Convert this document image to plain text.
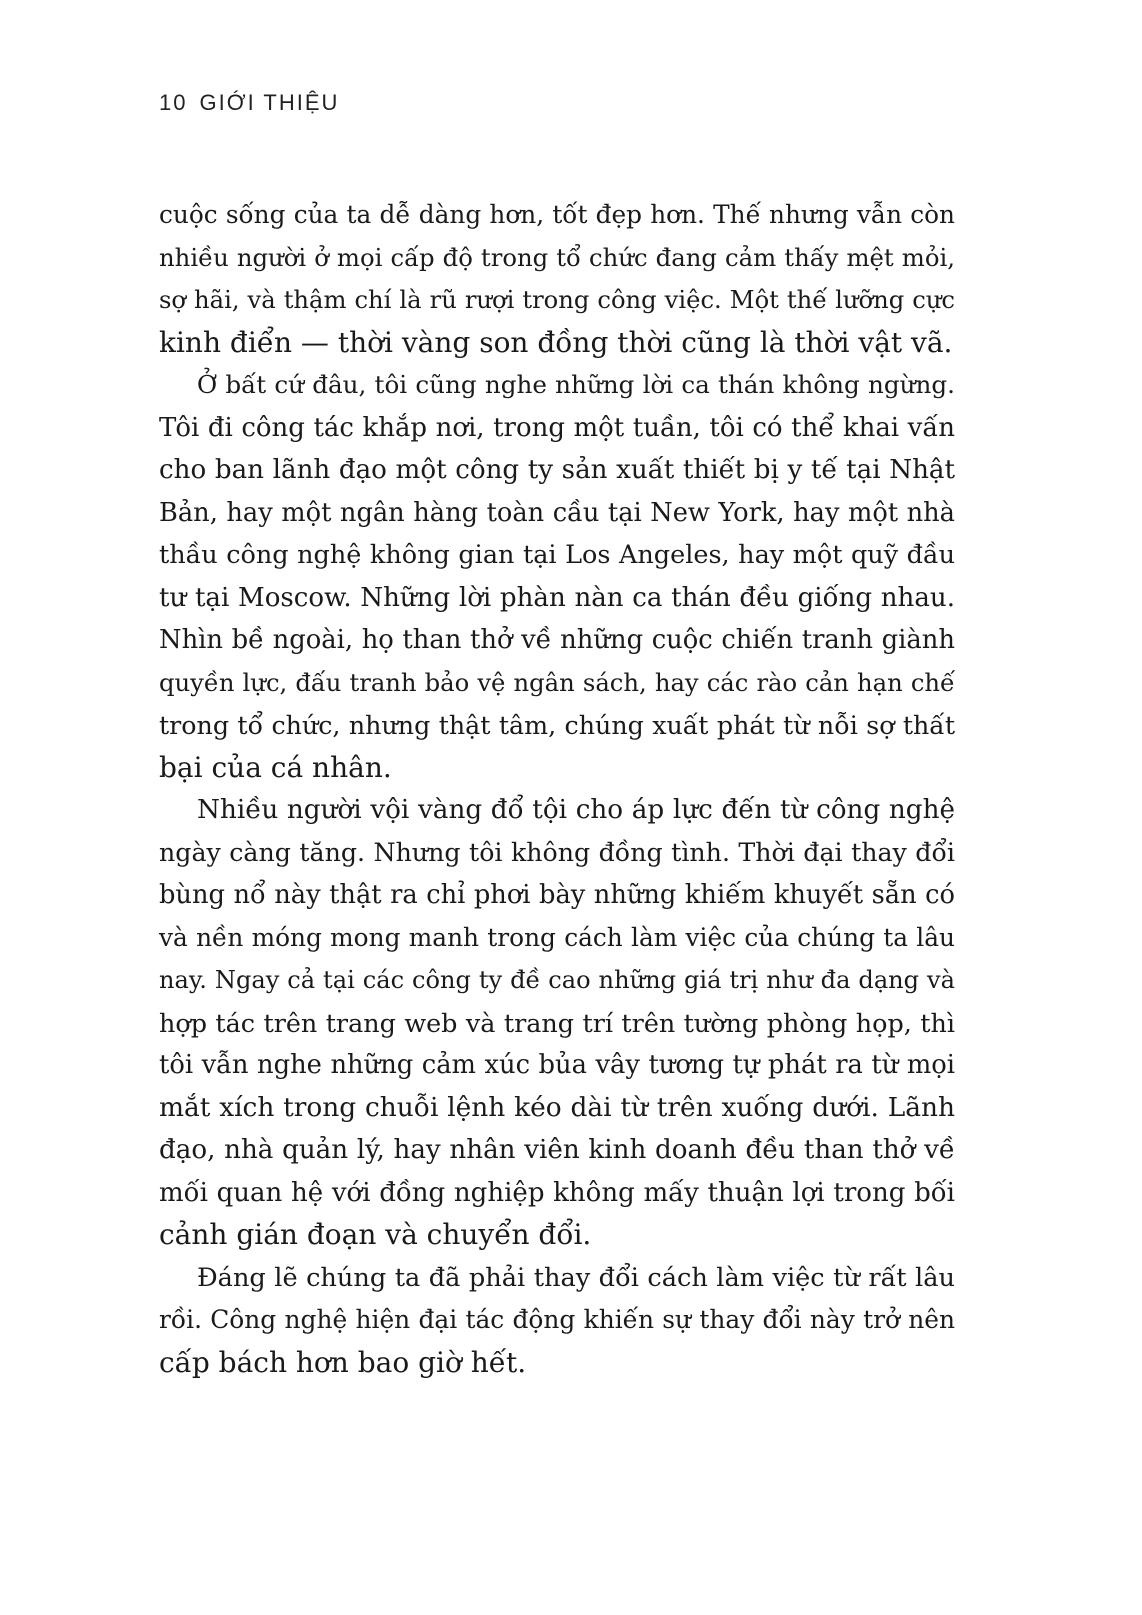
10 GIỚI THIỆU
cuộc sống của ta dễ dàng hơn, tốt đẹp hơn. Thế nhưng vẫn còn
nhiều người ở mọi cấp độ trong tổ chức đang cảm thấy mệt mỏi,
sợ hãi, và thậm chí là rũ rượi trong công việc. Một thế lưỡng cực
kinh điển — thời vàng son đồng thời cũng là thời vật vã.
Ở bất cứ đâu, tôi cũng nghe những lời ca thán không ngừng.
Tôi đi công tác khắp nơi, trong một tuần, tôi có thể khai vấn
cho ban lãnh đạo một công ty sản xuất thiết bị y tế tại Nhật
Bản, hay một ngân hàng toàn cầu tại New York, hay một nhà
thầu công nghệ không gian tại Los Angeles, hay một quỹ đầu
tư tại Moscow. Những lời phàn nàn ca thán đều giống nhau.
Nhìn bề ngoài, họ than thở về những cuộc chiến tranh giành
quyền lực, đấu tranh bảo vệ ngân sách, hay các rào cản hạn chế
trong tổ chức, nhưng thật tâm, chúng xuất phát từ nỗi sợ thất
bại của cá nhân.
Nhiều người vội vàng đổ tội cho áp lực đến từ công nghệ
ngày càng tăng. Nhưng tôi không đồng tình. Thời đại thay đổi
bùng nổ này thật ra chỉ phơi bày những khiếm khuyết sẵn có
và nền móng mong manh trong cách làm việc của chúng ta lâu
nay. Ngay cả tại các công ty đề cao những giá trị như đa dạng và
hợp tác trên trang web và trang trí trên tường phòng họp, thì
tôi vẫn nghe những cảm xúc bủa vây tương tự phát ra từ mọi
mắt xích trong chuỗi lệnh kéo dài từ trên xuống dưới. Lãnh
đạo, nhà quản lý, hay nhân viên kinh doanh đều than thở về
mối quan hệ với đồng nghiệp không mấy thuận lợi trong bối
cảnh gián đoạn và chuyển đổi.
Đáng lẽ chúng ta đã phải thay đổi cách làm việc từ rất lâu
rồi. Công nghệ hiện đại tác động khiến sự thay đổi này trở nên
cấp bách hơn bao giờ hết.
